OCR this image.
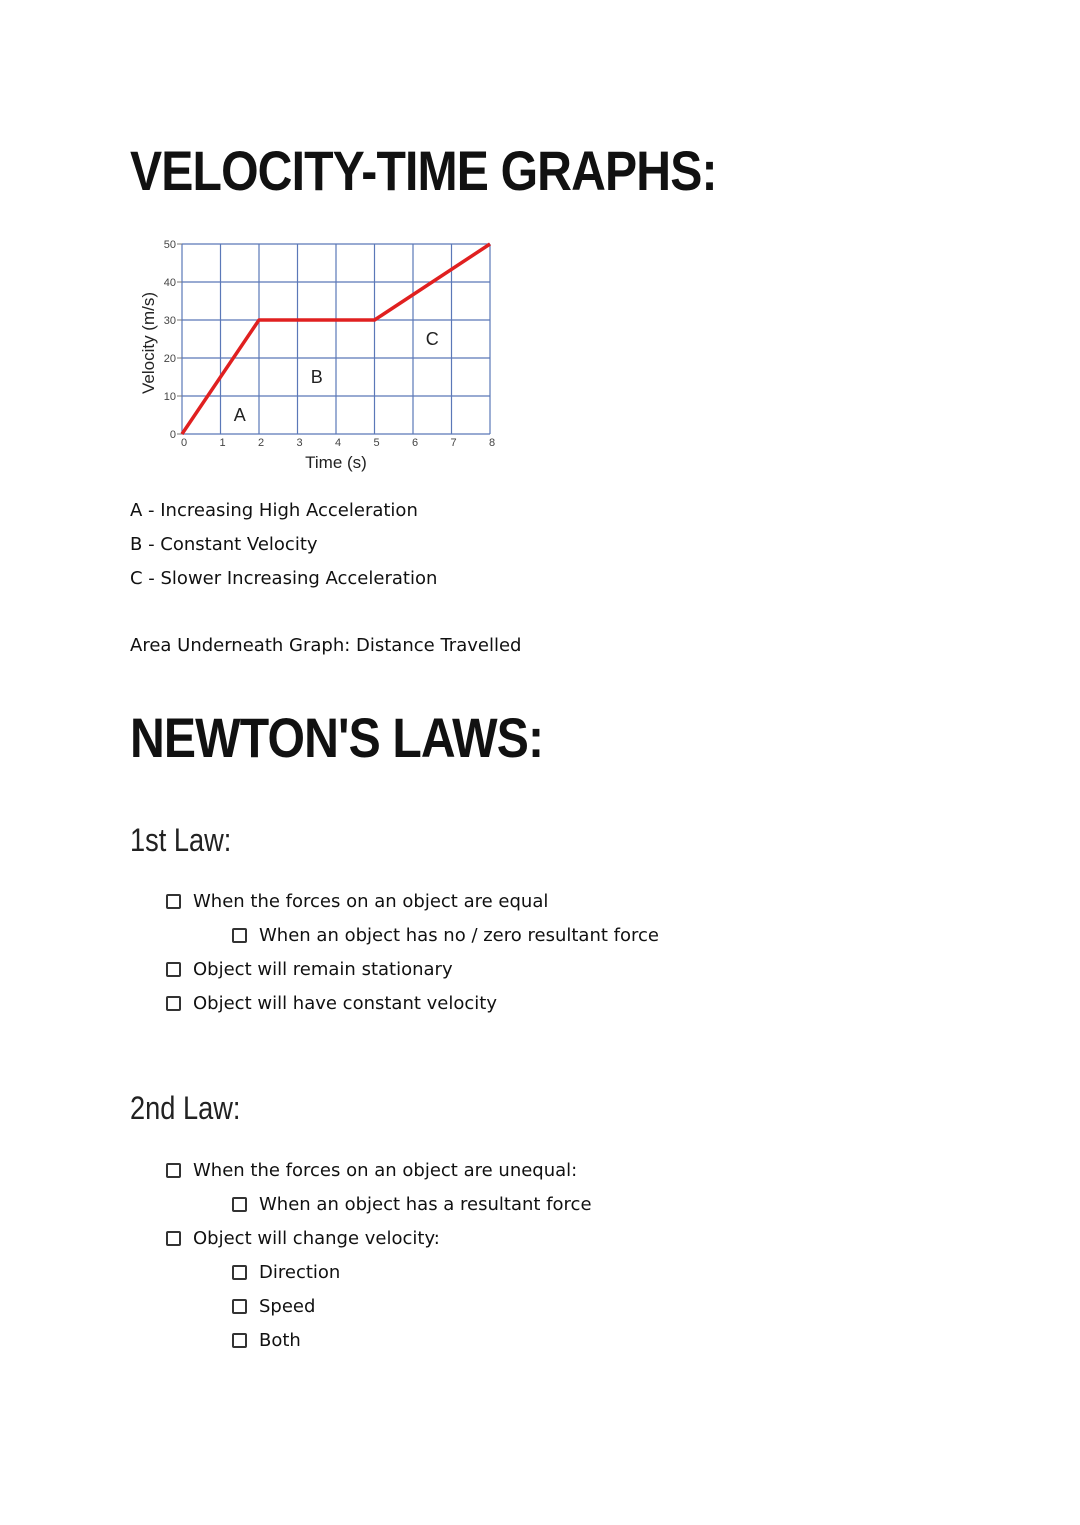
VELOCITY-TIME GRAPHS:
0	1	2	3	4	5	6	7	8
0
10
20
30
40
50
Time (s)
Velocity (m/s)
A
B
C
A - Increasing High Acceleration
B - Constant Velocity
C - Slower Increasing Acceleration
Area Underneath Graph: Distance Travelled
NEWTON'S LAWS:
1st Law:
When the forces on an object are equal
When an object has no / zero resultant force
Object will remain stationary
Object will have constant velocity
2nd Law:
When the forces on an object are unequal:
When an object has a resultant force
Object will change velocity:
Direction
Speed
Both
